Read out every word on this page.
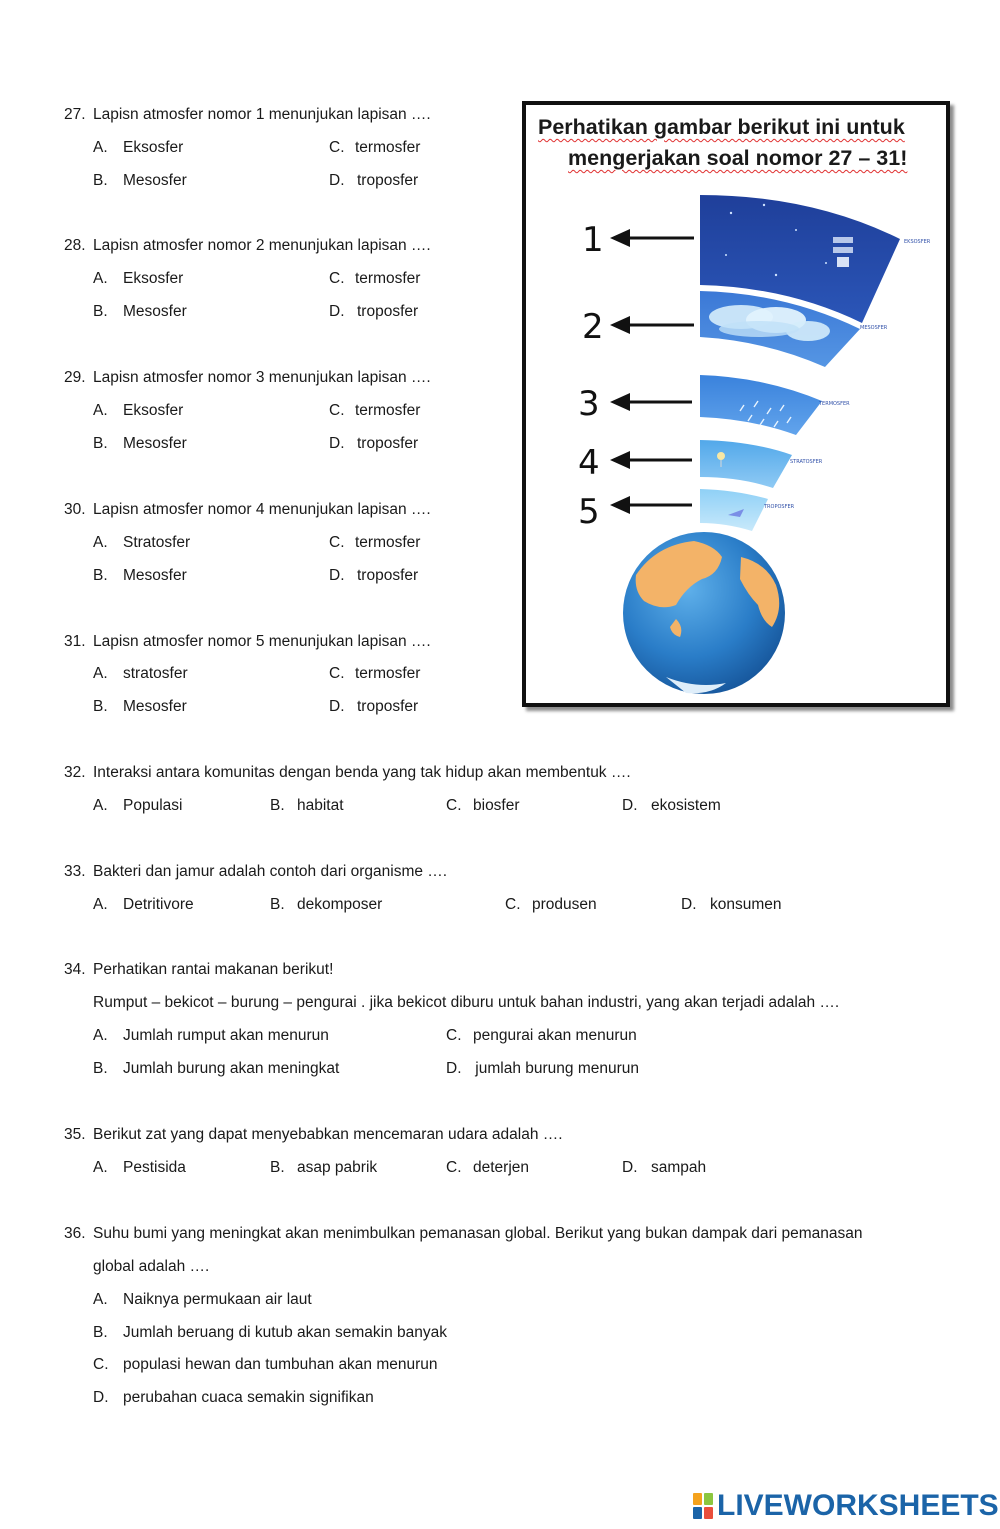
27. Lapisn atmosfer nomor 1 menunjukan lapisan ….
A. Eksosfer	C. termosfer
B. Mesosfer	D. troposfer
28. Lapisn atmosfer nomor 2 menunjukan lapisan ….
A. Eksosfer	C. termosfer
B. Mesosfer	D. troposfer
29. Lapisn atmosfer nomor 3 menunjukan lapisan ….
A. Eksosfer	C. termosfer
B. Mesosfer	D. troposfer
30. Lapisn atmosfer nomor 4 menunjukan lapisan ….
A. Stratosfer	C. termosfer
B. Mesosfer	D. troposfer
31. Lapisn atmosfer nomor 5 menunjukan lapisan ….
A. stratosfer	C. termosfer
B. Mesosfer	D. troposfer
Perhatikan gambar berikut ini untuk
mengerjakan soal nomor 27 – 31!
EKSOSFER
MESOSFER
TERMOSFER
STRATOSFER
TROPOSFER
1
2
3
4
5
32. Interaksi antara komunitas dengan benda yang tak hidup akan membentuk ….
A. Populasi	B. habitat	C. biosfer	D. ekosistem
33. Bakteri dan jamur adalah contoh dari organisme ….
A. Detritivore	B. dekomposer	C. produsen	D. konsumen
34. Perhatikan rantai makanan berikut!
Rumput – bekicot – burung – pengurai . jika bekicot diburu untuk bahan industri, yang akan terjadi adalah ….
A. Jumlah rumput akan menurun	C. pengurai akan menurun
B. Jumlah burung akan meningkat	D. jumlah burung menurun
35. Berikut zat yang dapat menyebabkan mencemaran udara adalah ….
A. Pestisida	B. asap pabrik	C. deterjen	D. sampah
36. Suhu bumi yang meningkat akan menimbulkan pemanasan global. Berikut yang bukan dampak dari pemanasan
global adalah ….
A. Naiknya permukaan air laut
B. Jumlah beruang di kutub akan semakin banyak
C. populasi hewan dan tumbuhan akan menurun
D. perubahan cuaca semakin signifikan
LIVEWORKSHEETS
